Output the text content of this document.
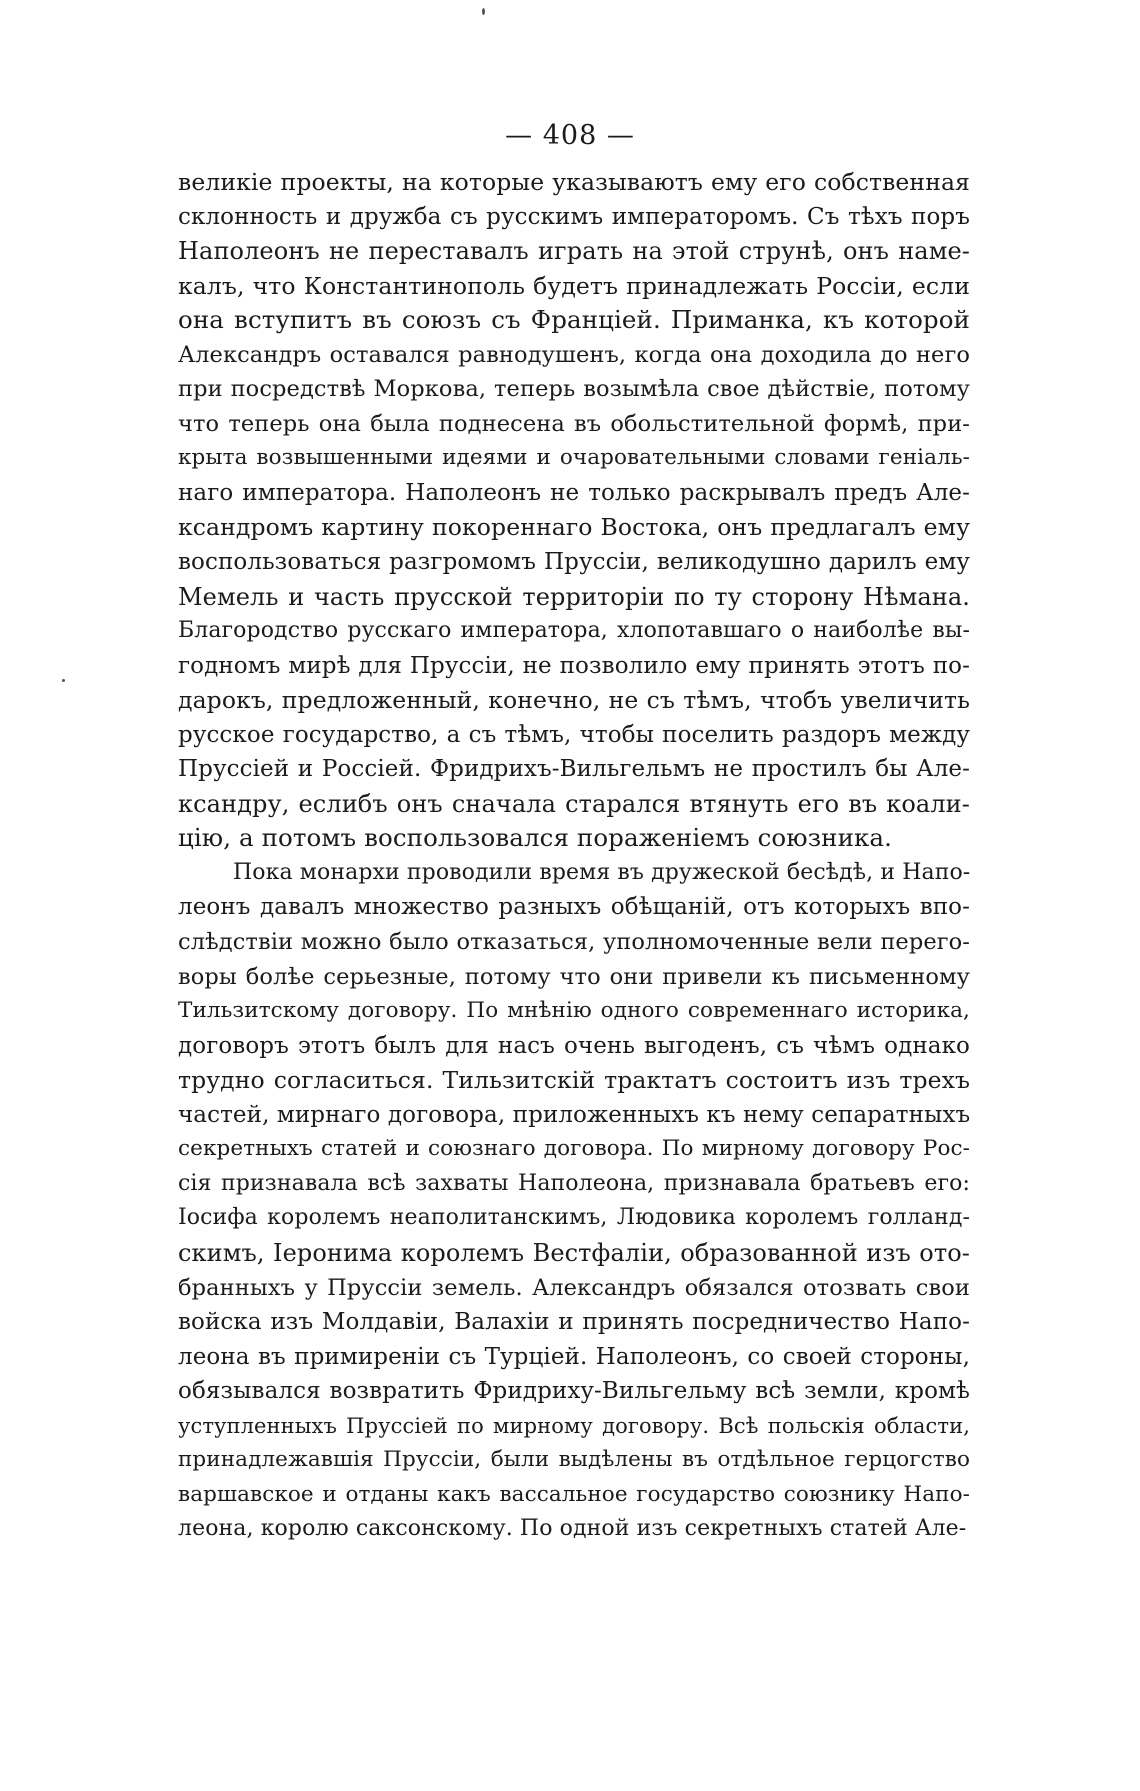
— 408 —
великіе проекты, на которые указываютъ ему его собственная
склонность и дружба съ русскимъ императоромъ. Съ тѣхъ поръ
Наполеонъ не переставалъ играть на этой струнѣ, онъ наме-
калъ, что Константинополь будетъ принадлежать Россіи, если
она вступитъ въ союзъ съ Франціей. Приманка, къ которой
Александръ оставался равнодушенъ, когда она доходила до него
при посредствѣ Моркова, теперь возымѣла свое дѣйствіе, потому
что теперь она была поднесена въ обольстительной формѣ, при-
крыта возвышенными идеями и очаровательными словами геніаль-
наго императора. Наполеонъ не только раскрывалъ предъ Але-
ксандромъ картину покореннаго Востока, онъ предлагалъ ему
воспользоваться разгромомъ Пруссіи, великодушно дарилъ ему
Мемель и часть прусской территоріи по ту сторону Нѣмана.
Благородство русскаго императора, хлопотавшаго о наиболѣе вы-
годномъ мирѣ для Пруссіи, не позволило ему принять этотъ по-
дарокъ, предложенный, конечно, не съ тѣмъ, чтобъ увеличить
русское государство, а съ тѣмъ, чтобы поселить раздоръ между
Пруссіей и Россіей. Фридрихъ-Вильгельмъ не простилъ бы Але-
ксандру, еслибъ онъ сначала старался втянуть его въ коали-
цію, а потомъ воспользовался пораженіемъ союзника.
Пока монархи проводили время въ дружеской бесѣдѣ, и Напо-
леонъ давалъ множество разныхъ обѣщаній, отъ которыхъ впо-
слѣдствіи можно было отказаться, уполномоченные вели перего-
воры болѣе серьезные, потому что они привели къ письменному
Тильзитскому договору. По мнѣнію одного современнаго историка,
договоръ этотъ былъ для насъ очень выгоденъ, съ чѣмъ однако
трудно согласиться. Тильзитскій трактатъ состоитъ изъ трехъ
частей, мирнаго договора, приложенныхъ къ нему сепаратныхъ
секретныхъ статей и союзнаго договора. По мирному договору Рос-
сія признавала всѣ захваты Наполеона, признавала братьевъ его:
Іосифа королемъ неаполитанскимъ, Людовика королемъ голланд-
скимъ, Іеронима королемъ Вестфаліи, образованной изъ ото-
бранныхъ у Пруссіи земель. Александръ обязался отозвать свои
войска изъ Молдавіи, Валахіи и принять посредничество Напо-
леона въ примиреніи съ Турціей. Наполеонъ, со своей стороны,
обязывался возвратить Фридриху-Вильгельму всѣ земли, кромѣ
уступленныхъ Пруссіей по мирному договору. Всѣ польскія области,
принадлежавшія Пруссіи, были выдѣлены въ отдѣльное герцогство
варшавское и отданы какъ вассальное государство союзнику Напо-
леона, королю саксонскому. По одной изъ секретныхъ статей Але-
